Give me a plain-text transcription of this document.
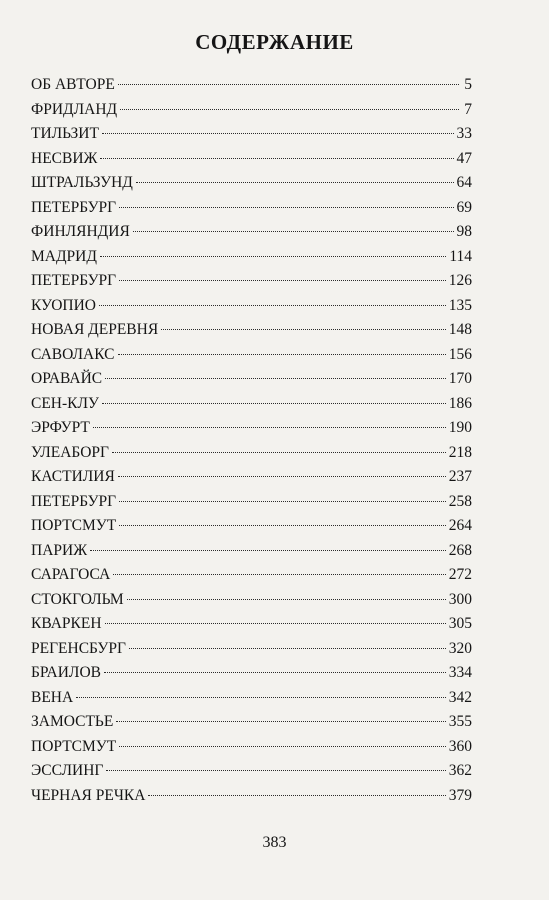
СОДЕРЖАНИЕ
ОБ АВТОРЕ	5
ФРИДЛАНД	7
ТИЛЬЗИТ	33
НЕСВИЖ	47
ШТРАЛЬЗУНД	64
ПЕТЕРБУРГ	69
ФИНЛЯНДИЯ	98
МАДРИД	114
ПЕТЕРБУРГ	126
КУОПИО	135
НОВАЯ ДЕРЕВНЯ	148
САВОЛАКС	156
ОРАВАЙС	170
СЕН-КЛУ	186
ЭРФУРТ	190
УЛЕАБОРГ	218
КАСТИЛИЯ	237
ПЕТЕРБУРГ	258
ПОРТСМУТ	264
ПАРИЖ	268
САРАГОСА	272
СТОКГОЛЬМ	300
КВАРКЕН	305
РЕГЕНСБУРГ	320
БРАИЛОВ	334
ВЕНА	342
ЗАМОСТЬЕ	355
ПОРТСМУТ	360
ЭССЛИНГ	362
ЧЕРНАЯ РЕЧКА	379
383
